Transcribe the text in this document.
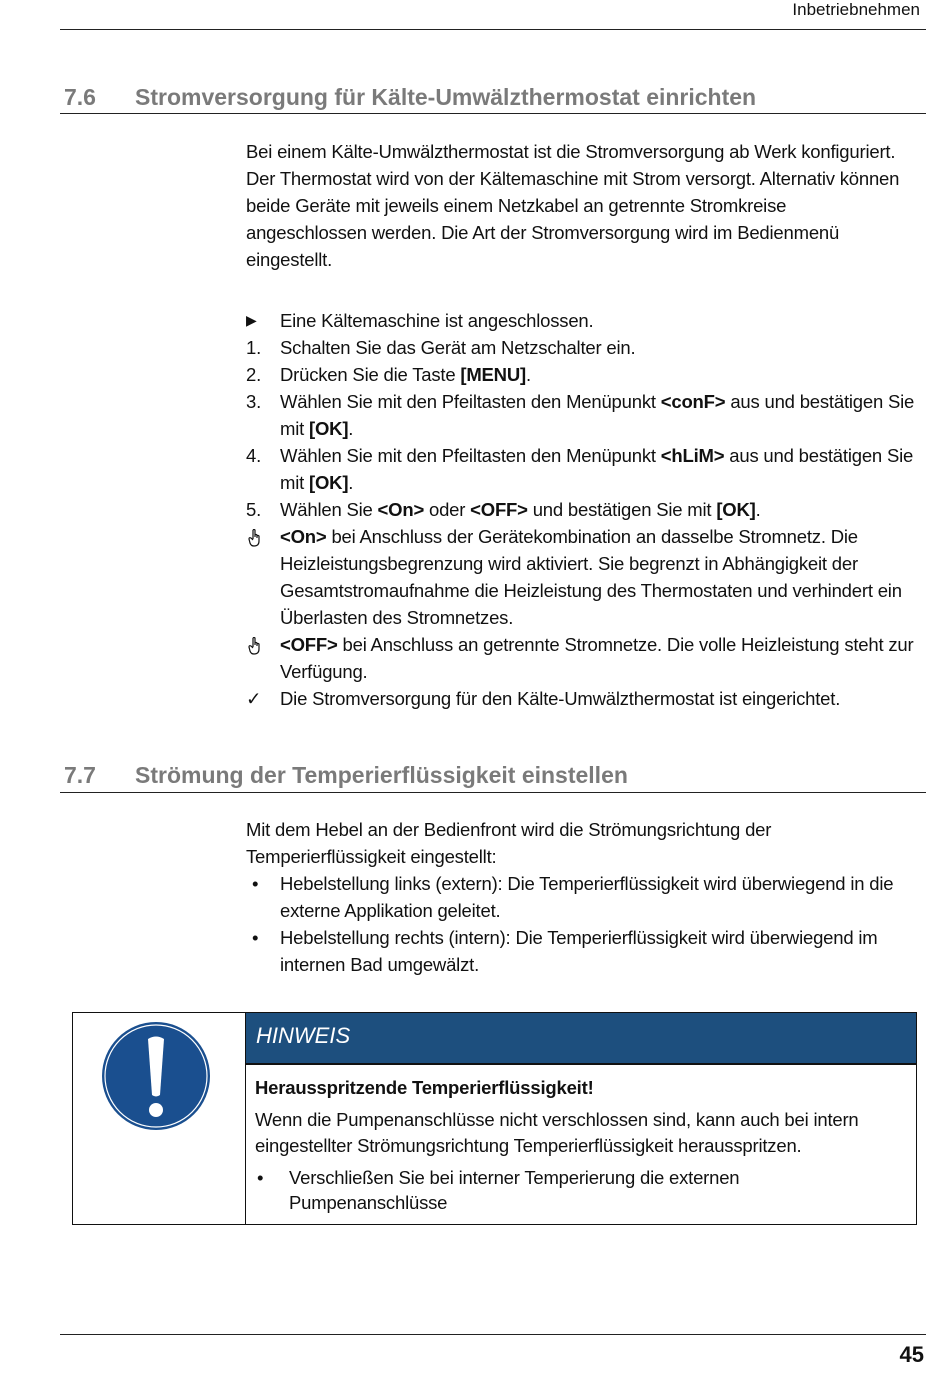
Inbetriebnehmen
7.6 Stromversorgung für Kälte-Umwälzthermostat einrichten

Bei einem Kälte-Umwälzthermostat ist die Stromversorgung ab Werk konfiguriert. Der Thermostat wird von der Kältemaschine mit Strom versorgt. Alternativ können beide Geräte mit jeweils einem Netzkabel an getrennte Stromkreise angeschlossen werden. Die Art der Stromversorgung wird im Bedienmenü eingestellt.

▶	Eine Kältemaschine ist angeschlossen.
1.	Schalten Sie das Gerät am Netzschalter ein.
2.	Drücken Sie die Taste [MENU].
3.	Wählen Sie mit den Pfeiltasten den Menüpunkt <conF> aus und bestätigen Sie mit [OK].
4.	Wählen Sie mit den Pfeiltasten den Menüpunkt <hLiM> aus und bestätigen Sie mit [OK].
5.	Wählen Sie <On> oder <OFF> und bestätigen Sie mit [OK].
<On> bei Anschluss der Gerätekombination an dasselbe Stromnetz. Die Heizleistungsbegrenzung wird aktiviert. Sie begrenzt in Abhängigkeit der Gesamtstromaufnahme die Heizleistung des Thermostaten und verhindert ein Überlasten des Stromnetzes.
<OFF> bei Anschluss an getrennte Stromnetze. Die volle Heizleistung steht zur Verfügung.
✓	Die Stromversorgung für den Kälte-Umwälzthermostat ist eingerichtet.
7.7 Strömung der Temperierflüssigkeit einstellen

Mit dem Hebel an der Bedienfront wird die Strömungsrichtung der Temperierflüssigkeit eingestellt:

•	Hebelstellung links (extern): Die Temperierflüssigkeit wird überwiegend in die externe Applikation geleitet.
•	Hebelstellung rechts (intern): Die Temperierflüssigkeit wird überwiegend im internen Bad umgewälzt.
HINWEIS
Herausspritzende Temperierflüssigkeit!
Wenn die Pumpenanschlüsse nicht verschlossen sind, kann auch bei intern eingestellter Strömungsrichtung Temperierflüssigkeit herausspritzen.
•	Verschließen Sie bei interner Temperierung die externen Pumpenanschlüsse
45
